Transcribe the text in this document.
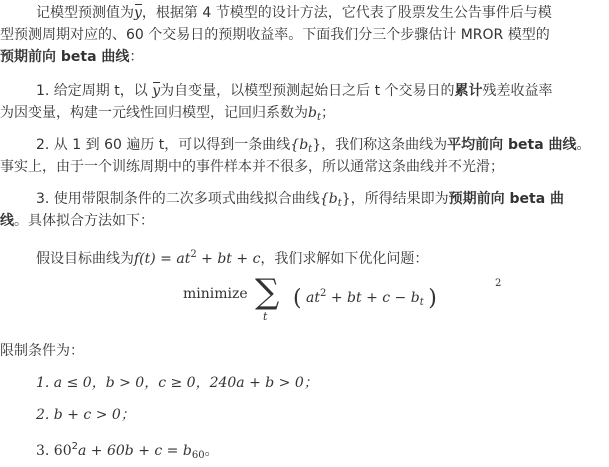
记模型预测值为y，根据第 4 节模型的设计方法，它代表了股票发生公告事件后与模
型预测周期对应的、60 个交易日的预期收益率。下面我们分三个步骤估计 MROR 模型的
预期前向 beta 曲线：
1. 给定周期 t，以 y为自变量，以模型预测起始日之后 t 个交易日的累计残差收益率
为因变量，构建一元线性回归模型，记回归系数为$b_t$；
2. 从 1 到 60 遍历 t，可以得到一条曲线$\{b_t\}$，我们称这条曲线为平均前向 beta 曲线。
事实上，由于一个训练周期中的事件样本并不很多，所以通常这条曲线并不光滑；
3. 使用带限制条件的二次多项式曲线拟合曲线$\{b_t\}$，所得结果即为预期前向 beta 曲
线。具体拟合方法如下：
假设目标曲线为$f(t) = at^2$ + bt + c，我们求解如下优化问题：
minimize ∑
t
( $at^2$ + bt + $c - b_t$ )
2
限制条件为：
1. a ≤ 0，b > 0，c ≥ 0，240a + b > 0；
2. b + c > 0；
3. $60^2a + 60b + c = b_{60}$。
